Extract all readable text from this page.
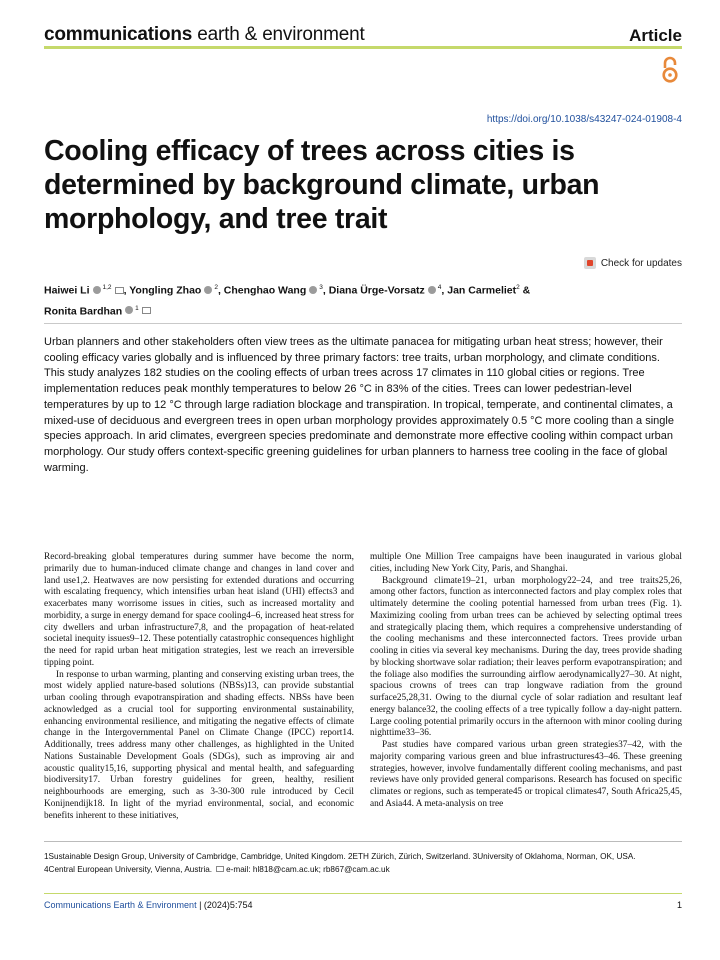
communications earth & environment	Article
https://doi.org/10.1038/s43247-024-01908-4
Cooling efficacy of trees across cities is determined by background climate, urban morphology, and tree trait
Check for updates
Haiwei Li $^{1,2}$ , Yongling Zhao $^2$, Chenghao Wang $^3$, Diana Ürge-Vorsatz $^4$, Jan Carmeliet$^2$ &
Ronita Bardhan $^1$

Urban planners and other stakeholders often view trees as the ultimate panacea for mitigating urban heat stress; however, their cooling efficacy varies globally and is influenced by three primary factors: tree traits, urban morphology, and climate conditions. This study analyzes 182 studies on the cooling effects of urban trees across 17 climates in 110 global cities or regions. Tree implementation reduces peak monthly temperatures to below 26 °C in 83% of the cities. Trees can lower pedestrian-level temperatures by up to 12 °C through large radiation blockage and transpiration. In tropical, temperate, and continental climates, a mixed-use of deciduous and evergreen trees in open urban morphology provides approximately 0.5 °C more cooling than a single species approach. In arid climates, evergreen species predominate and demonstrate more effective cooling within compact urban morphology. Our study offers context-specific greening guidelines for urban planners to harness tree cooling in the face of global warming.

Record-breaking global temperatures during summer have become the norm, primarily due to human-induced climate change and changes in land cover and land use1,2. Heatwaves are now persisting for extended durations and occurring with escalating frequency, which intensifies urban heat island (UHI) effects3 and exacerbates many worrisome issues in cities, such as increased mortality and morbidity, a surge in energy demand for space cooling4–6, increased heat stress for city dwellers and urban infrastructure7,8, and the propagation of heat-related societal inequity issues9–12. These potentially catastrophic consequences highlight the need for rapid urban heat mitigation strategies, lest we reach an irreversible tipping point.

In response to urban warming, planting and conserving existing urban trees, the most widely applied nature-based solutions (NBSs)13, can provide substantial urban cooling through evapotranspiration and shading effects. NBSs have been acknowledged as a crucial tool for supporting environmental sustainability, enhancing environmental resilience, and mitigating the negative effects of climate change in the Intergovernmental Panel on Climate Change (IPCC) report14. Additionally, trees address many other challenges, as highlighted in the United Nations Sustainable Development Goals (SDGs), such as improving air and acoustic quality15,16, supporting physical and mental health, and safeguarding biodiversity17. Urban forestry guidelines for green, healthy, resilient neighbourhoods are emerging, such as 3-30-300 rule introduced by Cecil Konijnendijk18. In light of the myriad environmental, social, and economic benefits inherent to these initiatives,

multiple One Million Tree campaigns have been inaugurated in various global cities, including New York City, Paris, and Shanghai.

Background climate19–21, urban morphology22–24, and tree traits25,26, among other factors, function as interconnected factors and play complex roles that ultimately determine the cooling potential harnessed from urban trees (Fig. 1). Maximizing cooling from urban trees can be achieved by selecting optimal trees and strategically placing them, which requires a comprehensive understanding of the cooling mechanisms and these interconnected factors. Trees provide urban cooling in cities via several key mechanisms. During the day, trees provide shading by blocking shortwave solar radiation; their leaves perform evapotranspiration; and the foliage also modifies the surrounding airflow aerodynamically27–30. At night, spacious crowns of trees can trap longwave radiation from the ground surface25,28,31. Owing to the diurnal cycle of solar radiation and resultant leaf energy balance32, the cooling effects of a tree typically follow a day-night pattern. Large cooling potential primarily occurs in the afternoon with minor cooling during nighttime33–36.

Past studies have compared various urban green strategies37–42, with the majority comparing various green and blue infrastructures43–46. These greening strategies, however, involve fundamentally different cooling mechanisms, and past reviews have only provided general comparisons. Research has focused on specific climates or regions, such as temperate45 or tropical climates47, South Africa25,45, and Asia44. A meta-analysis on tree

1Sustainable Design Group, University of Cambridge, Cambridge, United Kingdom. 2ETH Zürich, Zürich, Switzerland. 3University of Oklahoma, Norman, OK, USA.
4Central European University, Vienna, Austria. e-mail: hl818@cam.ac.uk; rb867@cam.ac.uk
Communications Earth & Environment | (2024)5:754	1
